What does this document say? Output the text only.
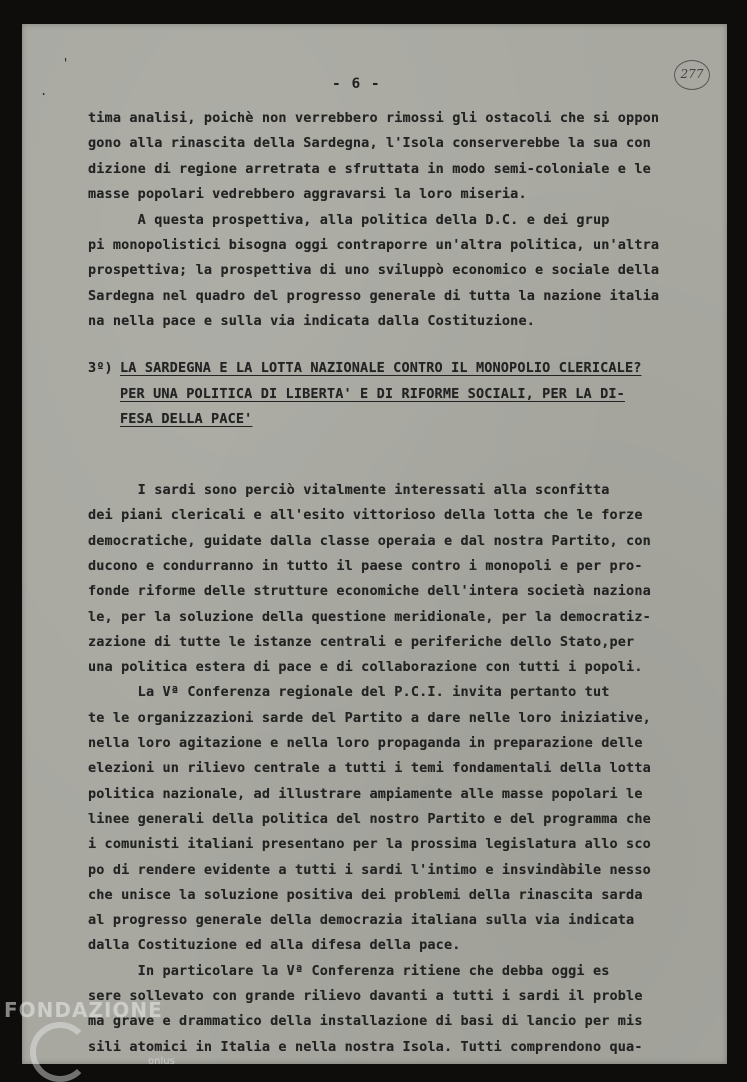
'
.	- 6 -
277
tima analisi, poichè non verrebbero rimossi gli ostacoli che si oppon
gono alla rinascita della Sardegna, l'Isola conserverebbe la sua con
dizione di regione arretrata e sfruttata in modo semi-coloniale e le
masse popolari vedrebbero aggravarsi la loro miseria.
A questa prospettiva, alla politica della D.C. e dei grup
pi monopolistici bisogna oggi contraporre un'altra politica, un'altra
prospettiva; la prospettiva di uno sviluppò economico e sociale della
Sardegna nel quadro del progresso generale di tutta la nazione italia
na nella pace e sulla via indicata dalla Costituzione.
3º) LA SARDEGNA E LA LOTTA NAZIONALE CONTRO IL MONOPOLIO CLERICALE?
PER UNA POLITICA DI LIBERTA' E DI RIFORME SOCIALI, PER LA DI-
FESA DELLA PACE'
I sardi sono perciò vitalmente interessati alla sconfitta
dei piani clericali e all'esito vittorioso della lotta che le forze
democratiche, guidate dalla classe operaia e dal nostra Partito, con
ducono e condurranno in tutto il paese contro i monopoli e per pro-
fonde riforme delle strutture economiche dell'intera società naziona
le, per la soluzione della questione meridionale, per la democratiz-
zazione di tutte le istanze centrali e periferiche dello Stato,per
una politica estera di pace e di collaborazione con tutti i popoli.
La Vª Conferenza regionale del P.C.I. invita pertanto tut
te le organizzazioni sarde del Partito a dare nelle loro iniziative,
nella loro agitazione e nella loro propaganda in preparazione delle
elezioni un rilievo centrale a tutti i temi fondamentali della lotta
politica nazionale, ad illustrare ampiamente alle masse popolari le
linee generali della politica del nostro Partito e del programma che
i comunisti italiani presentano per la prossima legislatura allo sco
po di rendere evidente a tutti i sardi l'intimo e insvindàbile nesso
che unisce la soluzione positiva dei problemi della rinascita sarda
al progresso generale della democrazia italiana sulla via indicata
dalla Costituzione ed alla difesa della pace.
In particolare la Vª Conferenza ritiene che debba oggi es
sere sollevato con grande rilievo davanti a tutti i sardi il proble
ma grave e drammatico della installazione di basi di lancio per mis
sili atomici in Italia e nella nostra Isola. Tutti comprendono qua-
FONDAZIONE
onlus
